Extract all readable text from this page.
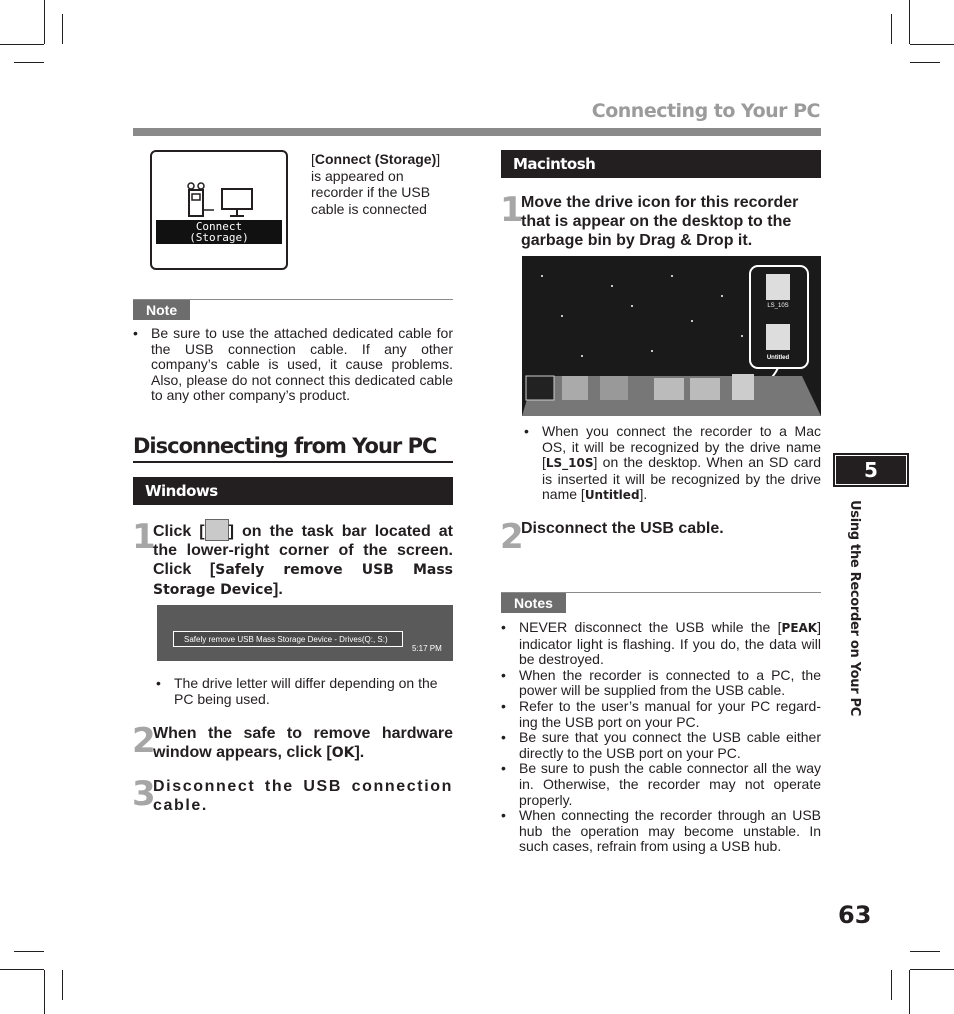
Connecting to Your PC
Connect
(Storage)
[Connect (Storage)] is appeared on recorder if the USB cable is connected
Note
• Be sure to use the attached dedicated cable for the USB connection cable. If any other company’s cable is used, it cause problems. Also, please do not connect this dedicated cable to any other company’s product.
Disconnecting from Your PC
Windows
1
Click [ ] on the task bar located at the lower-right corner of the screen. Click [Safely remove USB Mass Storage Device].
Safely remove USB Mass Storage Device - Drives(Q:, S:)
5:17 PM
• The drive letter will differ depending on the PC being used.
2
When the safe to remove hardware window appears, click [OK].
3
Disconnect the USB connection cable.
Macintosh
1
Move the drive icon for this recorder that is appear on the desktop to the garbage bin by Drag & Drop it.
LS_10S
Untitled
• When you connect the recorder to a Mac OS, it will be recognized by the drive name [LS_10S] on the desktop. When an SD card is inserted it will be recognized by the drive name [Untitled].
2
Disconnect the USB cable.
Notes
• NEVER disconnect the USB while the [PEAK] indicator light is flashing. If you do, the data will be destroyed.
• When the recorder is connected to a PC, the power will be supplied from the USB cable.
• Refer to the user’s manual for your PC regard-ing the USB port on your PC.
• Be sure that you connect the USB cable either directly to the USB port on your PC.
• Be sure to push the cable connector all the way in. Otherwise, the recorder may not operate properly.
• When connecting the recorder through an USB hub the operation may become unstable. In such cases, refrain from using a USB hub.
5
Using the Recorder on Your PC
63
